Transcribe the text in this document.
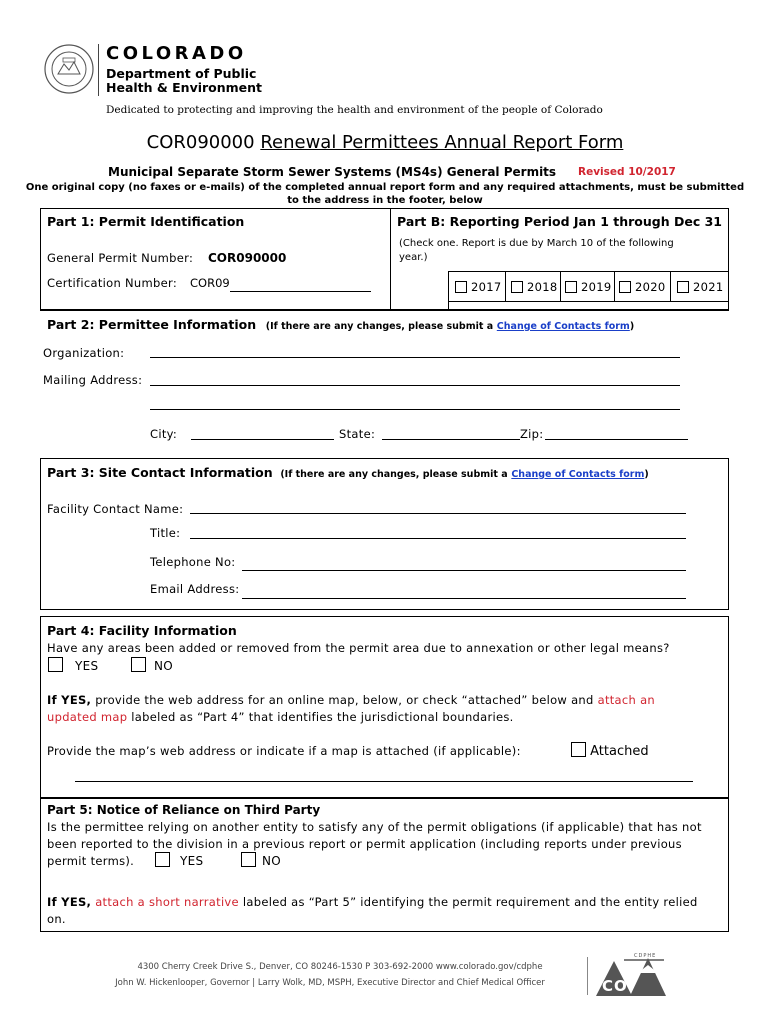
COLORADO
Department of Public
Health & Environment
Dedicated to protecting and improving the health and environment of the people of Colorado
COR090000 Renewal Permittees Annual Report Form
Municipal Separate Storm Sewer Systems (MS4s) General Permits Revised 10/2017
One original copy (no faxes or e-mails) of the completed annual report form and any required attachments, must be submitted
to the address in the footer, below
Part 1: Permit Identification
General Permit Number: COR090000
Certification Number: COR09
Part B: Reporting Period Jan 1 through Dec 31
(Check one. Report is due by March 10 of the following
year.)
2017	2018	2019	2020	2021
Part 2: Permittee Information (If there are any changes, please submit a Change of Contacts form)
Organization:
Mailing Address:
City:	State:	Zip:
Part 3: Site Contact Information (If there are any changes, please submit a Change of Contacts form)
Facility Contact Name:
Title:
Telephone No:
Email Address:
Part 4: Facility Information
Have any areas been added or removed from the permit area due to annexation or other legal means?
YES	NO
If YES, provide the web address for an online map, below, or check “attached” below and attach an
updated map labeled as “Part 4” that identifies the jurisdictional boundaries.
Provide the map’s web address or indicate if a map is attached (if applicable):	Attached
Part 5: Notice of Reliance on Third Party
Is the permittee relying on another entity to satisfy any of the permit obligations (if applicable) that has not
been reported to the division in a previous report or permit application (including reports under previous
permit terms).	YES	NO
If YES, attach a short narrative labeled as “Part 5” identifying the permit requirement and the entity relied
on.
4300 Cherry Creek Drive S., Denver, CO 80246-1530 P 303-692-2000 www.colorado.gov/cdphe
John W. Hickenlooper, Governor | Larry Wolk, MD, MSPH, Executive Director and Chief Medical Officer	CO
CDPHE
